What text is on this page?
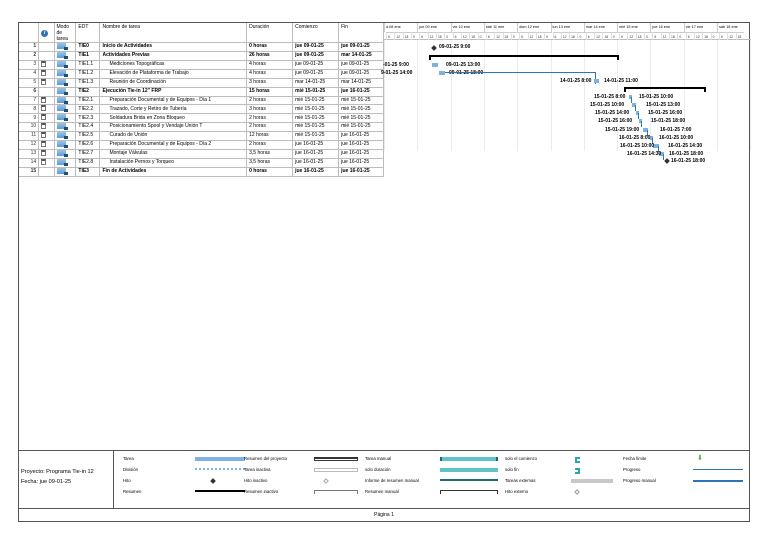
	i	Modo de tarea	EDT	Nombre de tarea	Duración	Comienzo	Fin
1			TIE0	Inicio de Actividades	0 horas	jue 09-01-25	jue 09-01-25
2			TIE1	Actividades Previas	26 horas	jue 09-01-25	mar 14-01-25
3			TIE1.1	Mediciones Topográficas	4 horas	jue 09-01-25	jue 09-01-25
4			TIE1.2	Elevación de Plataforma de Trabajo	4 horas	jue 09-01-25	jue 09-01-25
5			TIE1.3	Reunión de Coordinación	3 horas	mar 14-01-25	mar 14-01-25
6			TIE2	Ejecución Tie-in 12" FRP	15 horas	mié 15-01-25	jue 16-01-25
7			TIE2.1	Preparación Documental y de Equipos - Día 1	2 horas	mié 15-01-25	mié 15-01-25
8			TIE2.2	Trazado, Corte y Retiro de Tubería	3 horas	mié 15-01-25	mié 15-01-25
9			TIE2.3	Soldadura Brida en Zona Bloqueo	2 horas	mié 15-01-25	mié 15-01-25
10			TIE2.4	Posicionamiento Spool y Vendaje Unión T	2 horas	mié 15-01-25	mié 15-01-25
11			TIE2.5	Curado de Unión	12 horas	mié 15-01-25	jue 16-01-25
12			TIE2.6	Preparación Documental y de Equipos - Día 2	2 horas	jue 16-01-25	jue 16-01-25
13			TIE2.7	Montaje Válvulas	3,5 horas	jue 16-01-25	jue 16-01-25
14			TIE2.8	Instalación Pernos y Torqueo	3,5 horas	jue 16-01-25	jue 16-01-25
15			TIE3	Fin de Actividades	0 horas	jue 16-01-25	jue 16-01-25
á 08 ene	jue 09 ene	vie 10 ene	sáb 11 ene	dom 12 ene	lun 13 ene	mar 14 ene	mié 15 ene	jue 16 ene	vie 17 ene	sáb 18 ene
6	12	18	0	6	12	18	0	6	12	18	0	6	12	18	0	6	12	18	0	6	12	18	0	6	12	18	0	6	12	18	0	6	12	18	0	6	12	18	0	6	12	18
09-01-25 9:00
-01-25 9:00	09-01-25 13:00
9-01-25 14:00
14-01-25 8:00	14-01-25 11:00
15-01-25 8:00	15-01-25 10:00
15-01-25 10:00	15-01-25 13:00
15-01-25 14:00	15-01-25 16:00
15-01-25 16:00	15-01-25 18:00
15-01-25 19:00	16-01-25 7:00
16-01-25 8:00 16-01-25 10:00
16-01-25 10:00	16-01-25 14:30
16-01-25 14:30 16-01-25 18:00
16-01-25 18:00
Proyecto: Programa Tie-in 12
Fecha: jue 09-01-25
Tarea
División
Hito
Resumen
Resumen del proyecto
Tarea inactiva
Hito inactivo
Resumen inactivo
Tarea manual
solo duración
Informe de resumen manual
Resumen manual
solo el comienzo
solo fin
Tareas externas
Hito externo
Fecha límite	⬇
Progreso
Progreso manual
Página 1
